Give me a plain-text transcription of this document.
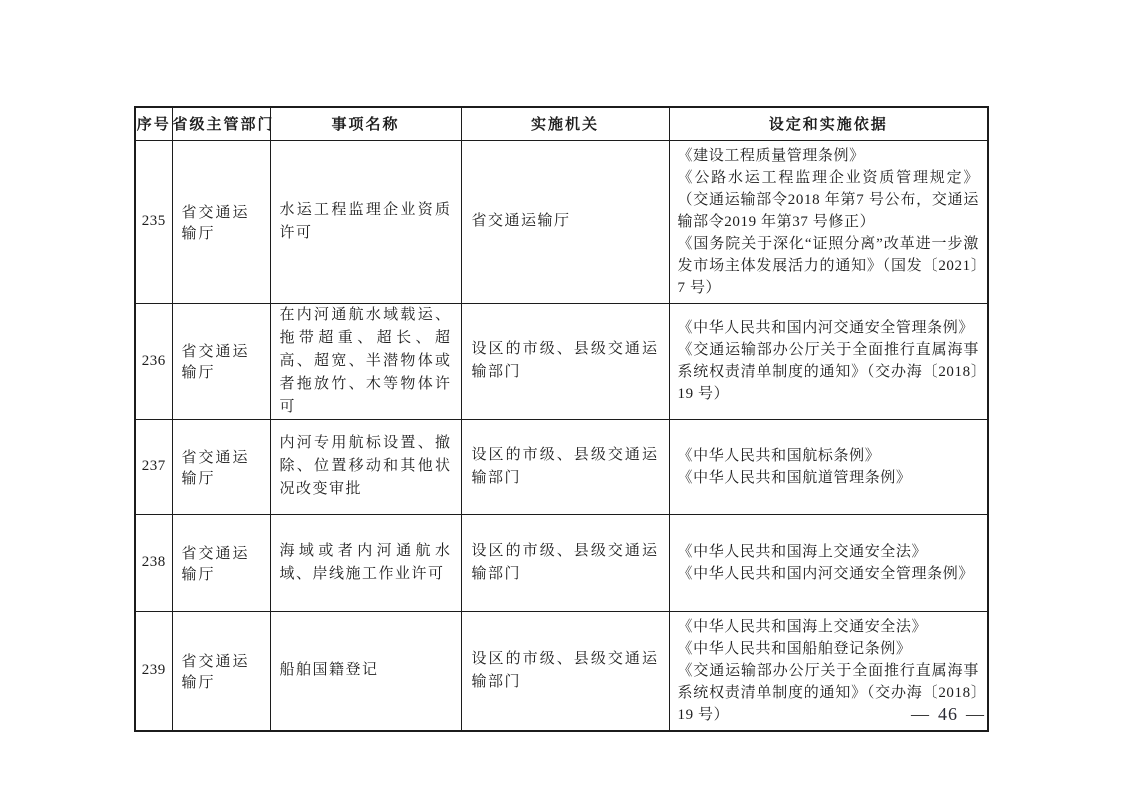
序号	省级主管部门	事项名称	实施机关	设定和实施依据
235	省交通运输厅	水运工程监理企业资质许可	省交通运输厅	《建设工程质量管理条例》

《公路水运工程监理企业资质管理规定》（交通运输部令2018 年第7 号公布，交通运输部令2019 年第37 号修正）

《国务院关于深化“证照分离”改革进一步激发市场主体发展活力的通知》（国发〔2021〕7 号）

236	省交通运输厅	在内河通航水域载运、拖带超重、超长、超高、超宽、半潜物体或者拖放竹、木等物体许可	设区的市级、县级交通运输部门	《中华人民共和国内河交通安全管理条例》

《交通运输部办公厅关于全面推行直属海事系统权责清单制度的通知》（交办海〔2018〕19 号）

237	省交通运输厅	内河专用航标设置、撤除、位置移动和其他状况改变审批	设区的市级、县级交通运输部门	《中华人民共和国航标条例》

《中华人民共和国航道管理条例》

238	省交通运输厅	海域或者内河通航水域、岸线施工作业许可	设区的市级、县级交通运输部门	《中华人民共和国海上交通安全法》

《中华人民共和国内河交通安全管理条例》

239	省交通运输厅	船舶国籍登记	设区的市级、县级交通运输部门	《中华人民共和国海上交通安全法》

《中华人民共和国船舶登记条例》

《交通运输部办公厅关于全面推行直属海事系统权责清单制度的通知》（交办海〔2018〕19 号）	— 46 —
